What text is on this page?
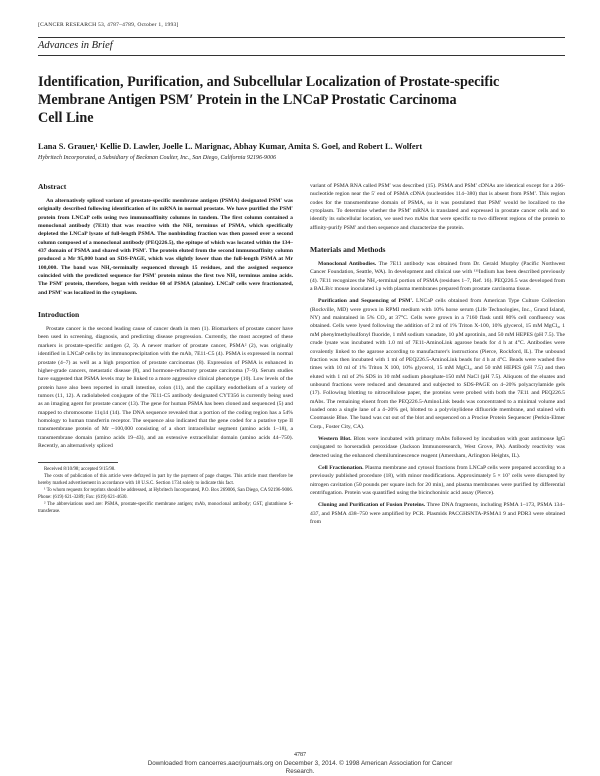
[CANCER RESEARCH 53, 4787–4789, October 1, 1993]
Advances in Brief
Identification, Purification, and Subcellular Localization of Prostate-specific
Membrane Antigen PSM′ Protein in the LNCaP Prostatic Carcinoma
Cell Line
Lana S. Grauer,¹ Kellie D. Lawler, Joelle L. Marignac, Abhay Kumar, Amita S. Goel, and Robert L. Wolfert
Hybritech Incorporated, a Subsidiary of Beckman Coulter, Inc., San Diego, California 92196-9006
Abstract

An alternatively spliced variant of prostate-specific membrane antigen (PSMA) designated PSM′ was originally described following identification of its mRNA in normal prostate. We have purified the PSM′ protein from LNCaP cells using two immunoaffinity columns in tandem. The first column contained a monoclonal antibody (7E11) that was reactive with the NH₂ terminus of PSMA, which specifically depleted the LNCaP lysate of full-length PSMA. The nonbinding fraction was then passed over a second column composed of a monoclonal antibody (PEQ226.5), the epitope of which was located within the 134–437 domain of PSMA and shared with PSM′. The protein eluted from the second immunoaffinity column produced a Mr 95,000 band on SDS-PAGE, which was slightly lower than the full-length PSMA at Mr 100,000. The band was NH₂-terminally sequenced through 15 residues, and the assigned sequence coincided with the predicted sequence for PSM′ protein minus the first two NH₂ terminus amino acids. The PSM′ protein, therefore, began with residue 60 of PSMA (alanine). LNCaP cells were fractionated, and PSM′ was localized in the cytoplasm.

Introduction

Prostate cancer is the second leading cause of cancer death in men (1). Biomarkers of prostate cancer have been used in screening, diagnosis, and predicting disease progression. Currently, the most accepted of these markers is prostate-specific antigen (2, 3). A newer marker of prostate cancer, PSMA² (2), was originally identified in LNCaP cells by its immunoprecipitation with the mAb, 7E11-C5 (4). PSMA is expressed in normal prostate (4–7) as well as a high proportion of prostate carcinomas (8). Expression of PSMA is enhanced in higher-grade cancers, metastatic disease (8), and hormone-refractory prostate carcinoma (7–9). Serum studies have suggested that PSMA levels may be linked to a more aggressive clinical phenotype (10). Low levels of the protein have also been reported in small intestine, colon (11), and the capillary endothelium of a variety of tumors (11, 12). A radiolabeled conjugate of the 7E11-C5 antibody designated CYT356 is currently being used as an imaging agent for prostate cancer (13). The gene for human PSMA has been cloned and sequenced (5) and mapped to chromosome 11q14 (14). The DNA sequence revealed that a portion of the coding region has a 54% homology to human transferrin receptor. The sequence also indicated that the gene coded for a putative type II transmembrane protein of Mr ~100,000 consisting of a short intracellular segment (amino acids 1–18), a transmembrane domain (amino acids 19–43), and an extensive extracellular domain (amino acids 44–750). Recently, an alternatively spliced

Received 8/10/98; accepted 9/15/98.

The costs of publication of this article were defrayed in part by the payment of page charges. This article must therefore be hereby marked advertisement in accordance with 18 U.S.C. Section 1734 solely to indicate this fact.

¹ To whom requests for reprints should be addressed, at Hybritech Incorporated, P.O. Box 269006, San Diego, CA 92196-9006. Phone: (619) 621-3289; Fax: (619) 621-4630.

² The abbreviations used are: PSMA, prostate-specific membrane antigen; mAb, monoclonal antibody; GST, glutathione S-transferase.

variant of PSMA RNA called PSM′ was described (15). PSMA and PSM′ cDNAs are identical except for a 266-nucleotide region near the 5′ end of PSMA cDNA (nucleotides 114–380) that is absent from PSM′. This region codes for the transmembrane domain of PSMA, so it was postulated that PSM′ would be localized to the cytoplasm. To determine whether the PSM′ mRNA is translated and expressed in prostate cancer cells and to identify its subcellular location, we used two mAbs that were specific to two different regions of the protein to affinity-purify PSM′ and then sequence and characterize the protein.

Materials and Methods

Monoclonal Antibodies. The 7E11 antibody was obtained from Dr. Gerald Murphy (Pacific Northwest Cancer Foundation, Seattle, WA). In development and clinical use with ¹¹¹Indium has been described previously (4). 7E11 recognizes the NH₂-terminal portion of PSMA (residues 1–7, Ref. 16). PEQ226.5 was developed from a BALB/c mouse inoculated i.p with plasma membranes prepared from prostate carcinoma tissue.

Purification and Sequencing of PSM′. LNCaP cells obtained from American Type Culture Collection (Rockville, MD) were grown in RPMI medium with 10% horse serum (Life Technologies, Inc., Grand Island, NY) and maintained in 5% CO₂ at 37°C. Cells were grown in a 7160 flask until 80% cell confluency was obtained. Cells were lysed following the addition of 2 ml of 1% Triton X-100, 10% glycerol, 15 mM MgCl₂, 1 mM phenylmethylsulfonyl fluoride, 1 mM sodium vanadate, 10 μM aprotinin, and 50 mM HEPES (pH 7.5). The crude lysate was incubated with 1.0 ml of 7E11-AminoLink agarose beads for 4 h at 4°C. Antibodies were covalently linked to the agarose according to manufacturer's instructions (Pierce, Rockford, IL). The unbound fraction was then incubated with 1 ml of PEQ226.5-AminoLink beads for 4 h at 4°C. Beads were washed five times with 10 ml of 1% Triton X 100, 10% glycerol, 15 mM MgCl₂, and 50 mM HEPES (pH 7.5) and then eluted with 1 ml of 2% SDS in 10 mM sodium phosphate-150 mM NaCl (pH 7.5). Aliquots of the eluates and unbound fractions were reduced and denatured and subjected to SDS-PAGE on 4–20% polyacrylamide gels (17). Following blotting to nitrocellulose paper, the proteins were probed with both the 7E11 and PEQ226.5 mAbs. The remaining eluent from the PEQ226.5-AminoLink beads was concentrated to a minimal volume and loaded onto a single lane of a 4–20% gel, blotted to a polyvinylidene difluoride membrane, and stained with Coomassie Blue. The band was cut out of the blot and sequenced on a Procise Protein Sequencer (Perkin-Elmer Corp., Foster City, CA).

Western Blot. Blots were incubated with primary mAbs followed by incubation with goat antimouse IgG conjugated to horseradish peroxidase (Jackson Immunoresearch, West Grove, PA). Antibody reactivity was detected using the enhanced chemiluminescence reagent (Amersham, Arlington Heights, IL).

Cell Fractionation. Plasma membrane and cytosol fractions from LNCaP cells were prepared according to a previously published procedure (18), with minor modifications. Approximately 5 × 10⁷ cells were disrupted by nitrogen cavitation (50 pounds per square inch for 20 min), and plasma membranes were purified by differential centrifugation. Protein was quantified using the bicinchoninic acid assay (Pierce).

Cloning and Purification of Fusion Proteins. Three DNA fragments, including PSMA 1–173, PSMA 134–437, and PSMA 438–750 were amplified by PCR. Plasmids PACGHSNTA-PSMA1 9 and PDR3 were obtained from

4787
Downloaded from cancerres.aacrjournals.org on December 3, 2014. © 1998 American Association for Cancer
Research.
